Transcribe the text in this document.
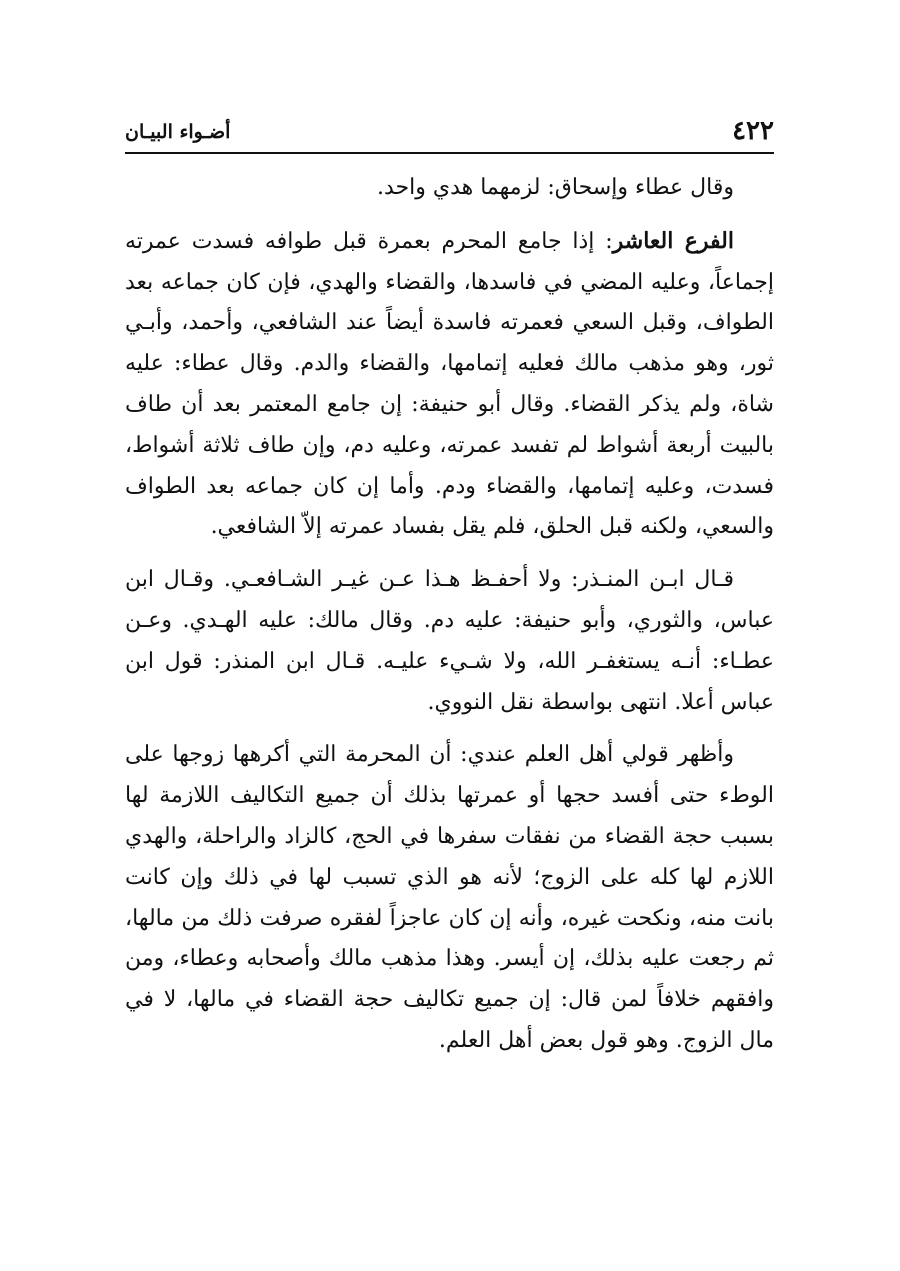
٤٢٢
أضـواء البيـان

وقال عطاء وإسحاق: لزمهما هدي واحد.

الفرع العاشر: إذا جامع المحرم بعمرة قبل طوافه فسدت عمرته إجماعاً، وعليه المضي في فاسدها، والقضاء والهدي، فإن كان جماعه بعد الطواف، وقبل السعي فعمرته فاسدة أيضاً عند الشافعي، وأحمد، وأبـي ثور، وهو مذهب مالك فعليه إتمامها، والقضاء والدم. وقال عطاء: عليه شاة، ولم يذكر القضاء. وقال أبو حنيفة: إن جامع المعتمر بعد أن طاف بالبيت أربعة أشواط لم تفسد عمرته، وعليه دم، وإن طاف ثلاثة أشواط، فسدت، وعليه إتمامها، والقضاء ودم. وأما إن كان جماعه بعد الطواف والسعي، ولكنه قبل الحلق، فلم يقل بفساد عمرته إلاّ الشافعي.

قـال ابـن المنـذر: ولا أحفـظ هـذا عـن غيـر الشـافعـي. وقـال ابن عباس، والثوري، وأبو حنيفة: عليه دم. وقال مالك: عليه الهـدي. وعـن عطـاء: أنـه يستغفـر الله، ولا شـيء عليـه. قـال ابن المنذر: قول ابن عباس أعلا. انتهى بواسطة نقل النووي.

وأظهر قولي أهل العلم عندي: أن المحرمة التي أكرهها زوجها على الوطء حتى أفسد حجها أو عمرتها بذلك أن جميع التكاليف اللازمة لها بسبب حجة القضاء من نفقات سفرها في الحج، كالزاد والراحلة، والهدي اللازم لها كله على الزوج؛ لأنه هو الذي تسبب لها في ذلك وإن كانت بانت منه، ونكحت غيره، وأنه إن كان عاجزاً لفقره صرفت ذلك من مالها، ثم رجعت عليه بذلك، إن أيسر. وهذا مذهب مالك وأصحابه وعطاء، ومن وافقهم خلافاً لمن قال: إن جميع تكاليف حجة القضاء في مالها، لا في مال الزوج. وهو قول بعض أهل العلم.
